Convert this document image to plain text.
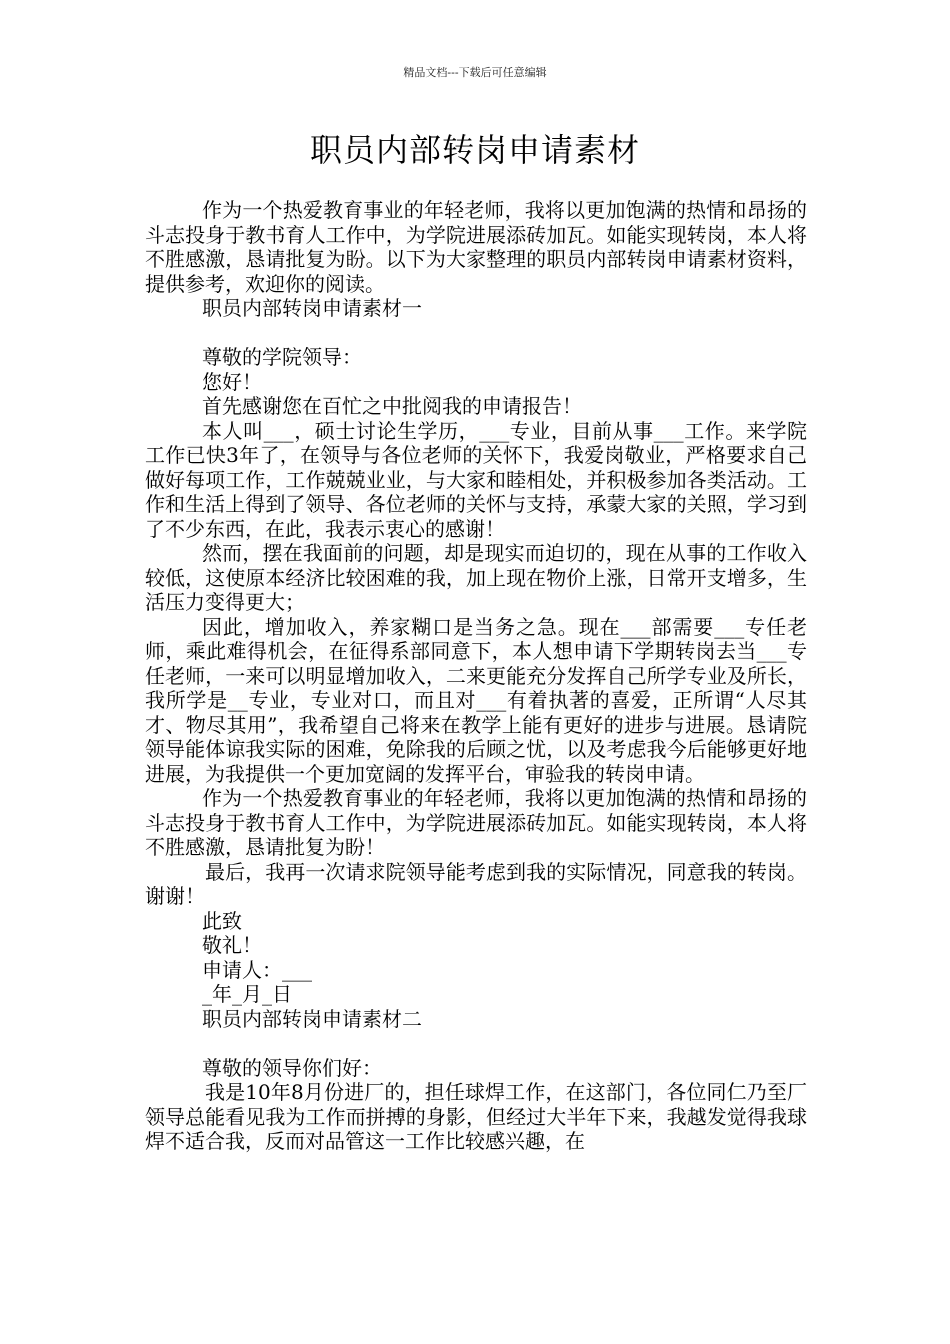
精品文档---下载后可任意编辑
职员内部转岗申请素材

作为一个热爱教育事业的年轻老师，我将以更加饱满的热情和昂扬的斗志投身于教书育人工作中，为学院进展添砖加瓦。如能实现转岗，本人将不胜感激，恳请批复为盼。以下为大家整理的职员内部转岗申请素材资料，提供参考，欢迎你的阅读。

职员内部转岗申请素材一

尊敬的学院领导：

您好！

首先感谢您在百忙之中批阅我的申请报告！

本人叫___，硕士讨论生学历，___专业，目前从事___工作。来学院工作已快3年了，在领导与各位老师的关怀下，我爱岗敬业，严格要求自己做好每项工作，工作兢兢业业，与大家和睦相处，并积极参加各类活动。工作和生活上得到了领导、各位老师的关怀与支持，承蒙大家的关照，学习到了不少东西，在此，我表示衷心的感谢！

然而，摆在我面前的问题，却是现实而迫切的，现在从事的工作收入较低，这使原本经济比较困难的我，加上现在物价上涨，日常开支增多，生活压力变得更大；

因此，增加收入，养家糊口是当务之急。现在___部需要___专任老师，乘此难得机会，在征得系部同意下，本人想申请下学期转岗去当___专任老师，一来可以明显增加收入，二来更能充分发挥自己所学专业及所长，我所学是__专业，专业对口，而且对___有着执著的喜爱，正所谓“人尽其才、物尽其用”，我希望自己将来在教学上能有更好的进步与进展。恳请院领导能体谅我实际的困难，免除我的后顾之忧，以及考虑我今后能够更好地进展，为我提供一个更加宽阔的发挥平台，审验我的转岗申请。

作为一个热爱教育事业的年轻老师，我将以更加饱满的热情和昂扬的斗志投身于教书育人工作中，为学院进展添砖加瓦。如能实现转岗，本人将不胜感激，恳请批复为盼！

最后，我再一次请求院领导能考虑到我的实际情况，同意我的转岗。谢谢！

此致

敬礼！

申请人：___

_年_月_日

职员内部转岗申请素材二

尊敬的领导你们好：

我是10年8月份进厂的，担任球焊工作，在这部门，各位同仁乃至厂领导总能看见我为工作而拼搏的身影，但经过大半年下来，我越发觉得我球焊不适合我，反而对品管这一工作比较感兴趣，在
